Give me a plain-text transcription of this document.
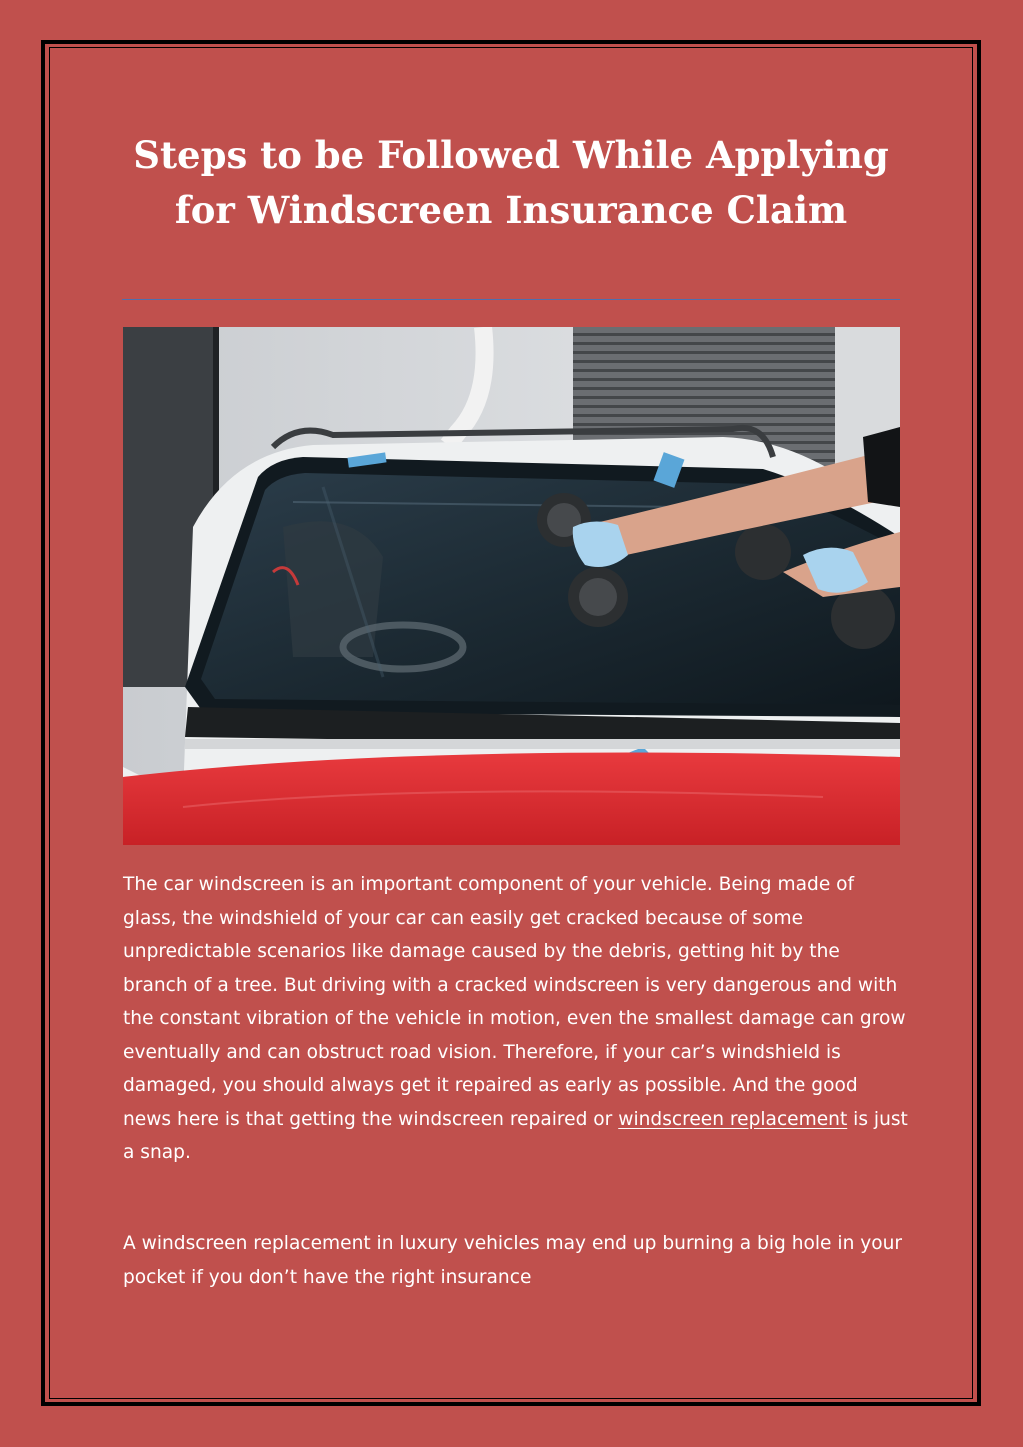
Steps to be Followed While Applying for Windscreen Insurance Claim

The car windscreen is an important component of your vehicle. Being made of glass, the windshield of your car can easily get cracked because of some unpredictable scenarios like damage caused by the debris, getting hit by the branch of a tree. But driving with a cracked windscreen is very dangerous and with the constant vibration of the vehicle in motion, even the smallest damage can grow eventually and can obstruct road vision. Therefore, if your car’s windshield is damaged, you should always get it repaired as early as possible. And the good news here is that getting the windscreen repaired or windscreen replacement is just a snap.

A windscreen replacement in luxury vehicles may end up burning a big hole in your pocket if you don’t have the right insurance
